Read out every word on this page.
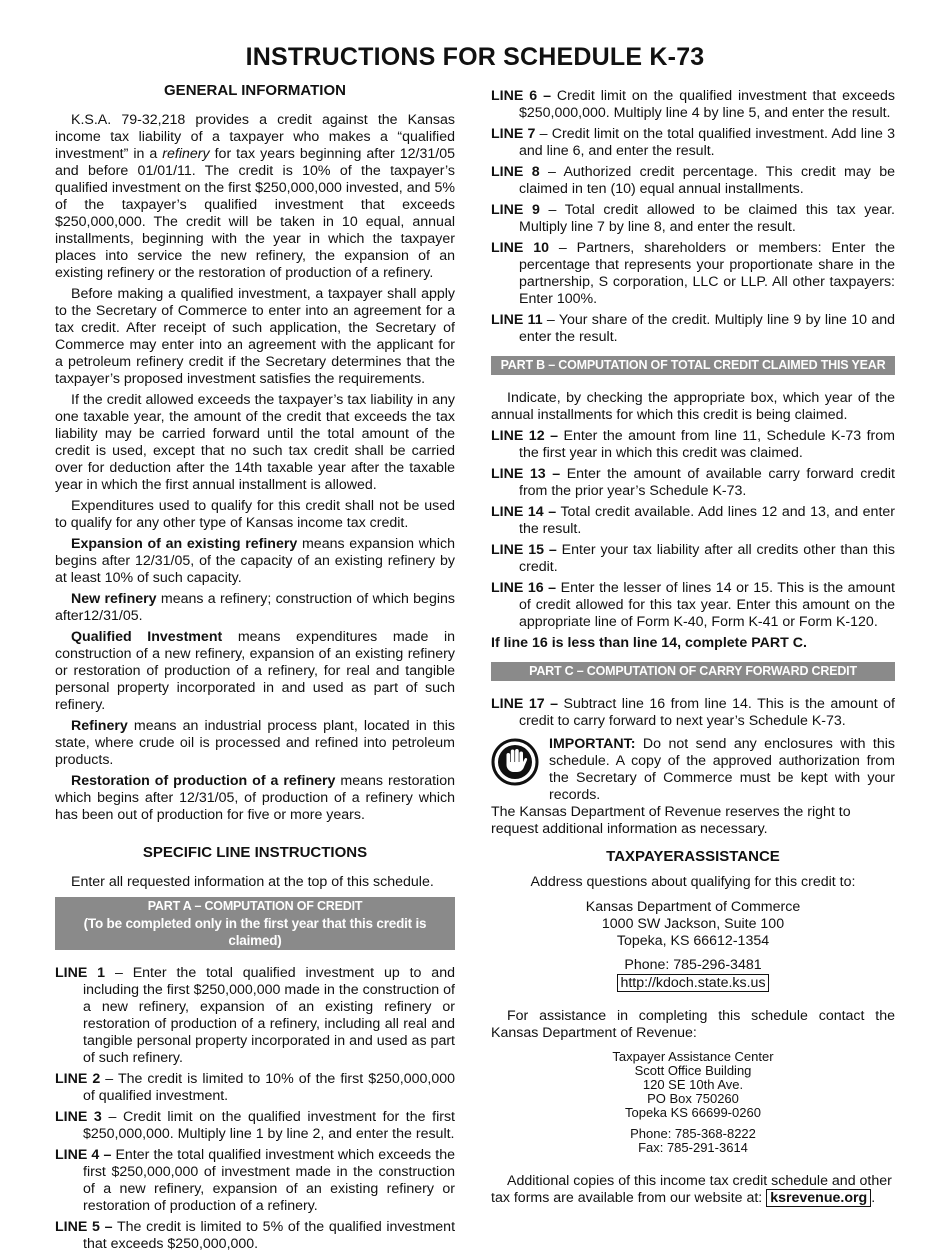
INSTRUCTIONS FOR SCHEDULE K-73
GENERAL INFORMATION

K.S.A. 79-32,218 provides a credit against the Kansas income tax liability of a taxpayer who makes a “qualified investment” in a refinery for tax years beginning after 12/31/05 and before 01/01/11. The credit is 10% of the taxpayer’s qualified investment on the first $250,000,000 invested, and 5% of the taxpayer’s qualified investment that exceeds $250,000,000. The credit will be taken in 10 equal, annual installments, beginning with the year in which the taxpayer places into service the new refinery, the expansion of an existing refinery or the restoration of production of a refinery.

Before making a qualified investment, a taxpayer shall apply to the Secretary of Commerce to enter into an agreement for a tax credit. After receipt of such application, the Secretary of Commerce may enter into an agreement with the applicant for a petroleum refinery credit if the Secretary determines that the taxpayer’s proposed investment satisfies the requirements.

If the credit allowed exceeds the taxpayer’s tax liability in any one taxable year, the amount of the credit that exceeds the tax liability may be carried forward until the total amount of the credit is used, except that no such tax credit shall be carried over for deduction after the 14th taxable year after the taxable year in which the first annual installment is allowed.

Expenditures used to qualify for this credit shall not be used to qualify for any other type of Kansas income tax credit.

Expansion of an existing refinery means expansion which begins after 12/31/05, of the capacity of an existing refinery by at least 10% of such capacity.

New refinery means a refinery; construction of which begins after12/31/05.

Qualified Investment means expenditures made in construction of a new refinery, expansion of an existing refinery or restoration of production of a refinery, for real and tangible personal property incorporated in and used as part of such refinery.

Refinery means an industrial process plant, located in this state, where crude oil is processed and refined into petroleum products.

Restoration of production of a refinery means restoration which begins after 12/31/05, of production of a refinery which has been out of production for five or more years.

SPECIFIC LINE INSTRUCTIONS

Enter all requested information at the top of this schedule.

PART A – COMPUTATION OF CREDIT
(To be completed only in the first year that this credit is claimed)
LINE 1 – Enter the total qualified investment up to and including the first $250,000,000 made in the construction of a new refinery, expansion of an existing refinery or restoration of production of a refinery, including all real and tangible personal property incorporated in and used as part of such refinery.
LINE 2 – The credit is limited to 10% of the first $250,000,000 of qualified investment.
LINE 3 – Credit limit on the qualified investment for the first $250,000,000. Multiply line 1 by line 2, and enter the result.
LINE 4 – Enter the total qualified investment which exceeds the first $250,000,000 of investment made in the construction of a new refinery, expansion of an existing refinery or restoration of production of a refinery.
LINE 5 – The credit is limited to 5% of the qualified investment that exceeds $250,000,000.
LINE 6 – Credit limit on the qualified investment that exceeds $250,000,000. Multiply line 4 by line 5, and enter the result.
LINE 7 – Credit limit on the total qualified investment. Add line 3 and line 6, and enter the result.
LINE 8 – Authorized credit percentage. This credit may be claimed in ten (10) equal annual installments.
LINE 9 – Total credit allowed to be claimed this tax year. Multiply line 7 by line 8, and enter the result.
LINE 10 – Partners, shareholders or members: Enter the percentage that represents your proportionate share in the partnership, S corporation, LLC or LLP. All other taxpayers: Enter 100%.
LINE 11 – Your share of the credit. Multiply line 9 by line 10 and enter the result.
PART B – COMPUTATION OF TOTAL CREDIT CLAIMED THIS YEAR

Indicate, by checking the appropriate box, which year of the annual installments for which this credit is being claimed.

LINE 12 – Enter the amount from line 11, Schedule K-73 from the first year in which this credit was claimed.
LINE 13 – Enter the amount of available carry forward credit from the prior year’s Schedule K-73.
LINE 14 – Total credit available. Add lines 12 and 13, and enter the result.
LINE 15 – Enter your tax liability after all credits other than this credit.
LINE 16 – Enter the lesser of lines 14 or 15. This is the amount of credit allowed for this tax year. Enter this amount on the appropriate line of Form K-40, Form K-41 or Form K-120.
If line 16 is less than line 14, complete PART C.
PART C – COMPUTATION OF CARRY FORWARD CREDIT
LINE 17 – Subtract line 16 from line 14. This is the amount of credit to carry forward to next year’s Schedule K-73.
IMPORTANT: Do not send any enclosures with this schedule. A copy of the approved authorization from the Secretary of Commerce must be kept with your records.
The Kansas Department of Revenue reserves the right to request additional information as necessary.
TAXPAYERASSISTANCE

Address questions about qualifying for this credit to:

Kansas Department of Commerce
1000 SW Jackson, Suite 100
Topeka, KS 66612-1354
Phone: 785-296-3481
http://kdoch.state.ks.us

For assistance in completing this schedule contact the Kansas Department of Revenue:

Taxpayer Assistance Center
Scott Office Building
120 SE 10th Ave.
PO Box 750260
Topeka KS 66699-0260
Phone: 785-368-8222
Fax: 785-291-3614

Additional copies of this income tax credit schedule and other tax forms are available from our website at: ksrevenue.org .
